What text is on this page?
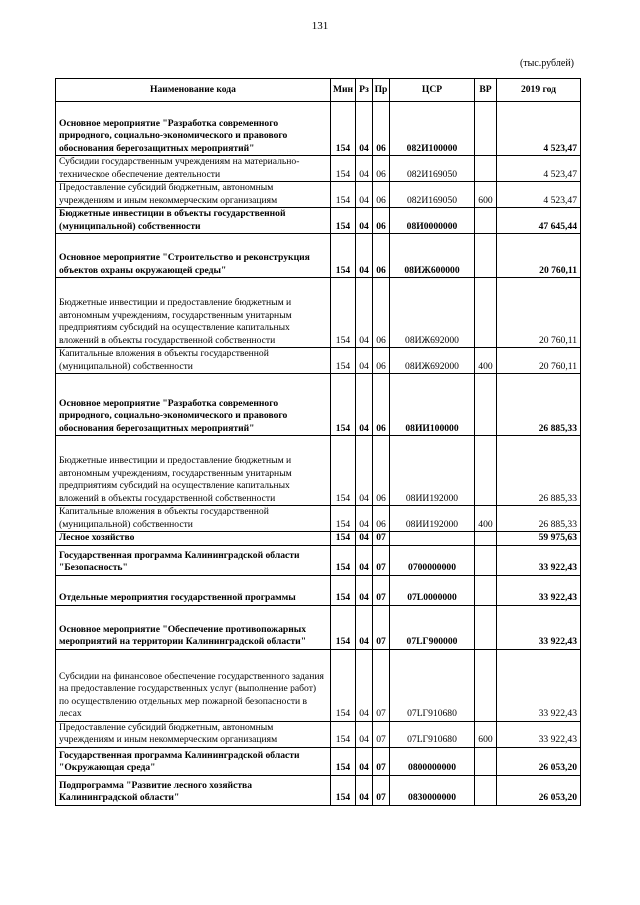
131
(тыс.рублей)
Наименование кода	Мин	Рз	Пр	ЦСР	ВР	2019 год
Основное мероприятие "Разработка современного природного, социально-экономического и правового обоснования берегозащитных мероприятий"	154	04	06	082И100000		4 523,47
Субсидии государственным учреждениям на материально-техническое обеспечение деятельности	154	04	06	082И169050		4 523,47
Предоставление субсидий бюджетным, автономным учреждениям и иным некоммерческим организациям	154	04	06	082И169050	600	4 523,47
Бюджетные инвестиции в объекты государственной (муниципальной) собственности	154	04	06	08И0000000		47 645,44
Основное мероприятие "Строительство и реконструкция объектов охраны окружающей среды"	154	04	06	08ИЖ600000		20 760,11
Бюджетные инвестиции и предоставление бюджетным и автономным учреждениям, государственным унитарным предприятиям субсидий на осуществление капитальных вложений в объекты государственной собственности	154	04	06	08ИЖ692000		20 760,11
Капитальные вложения в объекты государственной (муниципальной) собственности	154	04	06	08ИЖ692000	400	20 760,11
Основное мероприятие "Разработка современного природного, социально-экономического и правового обоснования берегозащитных мероприятий"	154	04	06	08ИИ100000		26 885,33
Бюджетные инвестиции и предоставление бюджетным и автономным учреждениям, государственным унитарным предприятиям субсидий на осуществление капитальных вложений в объекты государственной собственности	154	04	06	08ИИ192000		26 885,33
Капитальные вложения в объекты государственной (муниципальной) собственности	154	04	06	08ИИ192000	400	26 885,33
Лесное хозяйство	154	04	07			59 975,63
Государственная программа Калининградской области "Безопасность"	154	04	07	0700000000		33 922,43
Отдельные мероприятия государственной программы	154	04	07	07L0000000		33 922,43
Основное мероприятие "Обеспечение противопожарных мероприятий на территории Калининградской области"	154	04	07	07LГ900000		33 922,43
Субсидии на финансовое обеспечение государственного задания на предоставление государственных услуг (выполнение работ) по осуществлению отдельных мер пожарной безопасности в лесах	154	04	07	07LГ910680		33 922,43
Предоставление субсидий бюджетным, автономным учреждениям и иным некоммерческим организациям	154	04	07	07LГ910680	600	33 922,43
Государственная программа Калининградской области "Окружающая среда"	154	04	07	0800000000		26 053,20
Подпрограмма "Развитие лесного хозяйства Калининградской области"	154	04	07	0830000000		26 053,20
